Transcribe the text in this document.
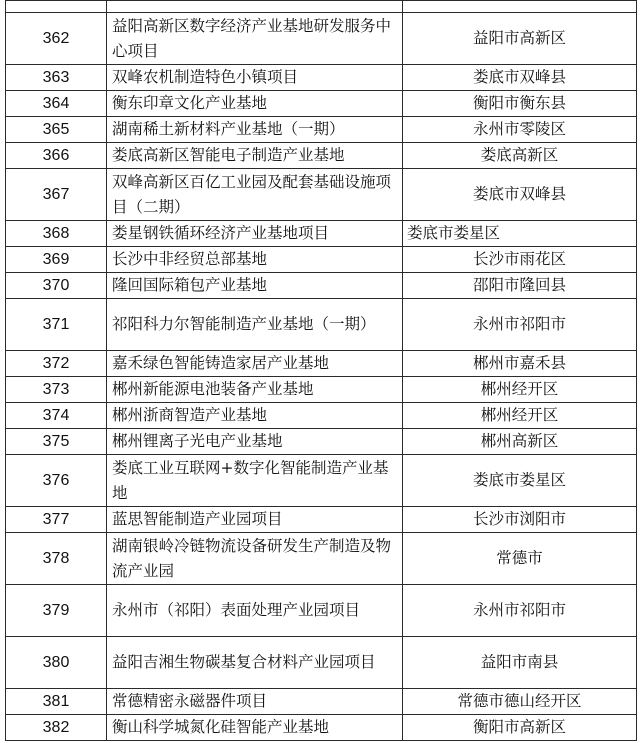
362	益阳高新区数字经济产业基地研发服务中心项目	益阳市高新区
363	双峰农机制造特色小镇项目	娄底市双峰县
364	衡东印章文化产业基地	衡阳市衡东县
365	湖南稀土新材料产业基地（一期）	永州市零陵区
366	娄底高新区智能电子制造产业基地	娄底高新区
367	双峰高新区百亿工业园及配套基础设施项目（二期）	娄底市双峰县
368	娄星钢铁循环经济产业基地项目	娄底市娄星区
369	长沙中非经贸总部基地	长沙市雨花区
370	隆回国际箱包产业基地	邵阳市隆回县
371	祁阳科力尔智能制造产业基地（一期）	永州市祁阳市
372	嘉禾绿色智能铸造家居产业基地	郴州市嘉禾县
373	郴州新能源电池装备产业基地	郴州经开区
374	郴州浙商智造产业基地	郴州经开区
375	郴州锂离子光电产业基地	郴州高新区
376	娄底工业互联网+数字化智能制造产业基地	娄底市娄星区
377	蓝思智能制造产业园项目	长沙市浏阳市
378	湖南银岭冷链物流设备研发生产制造及物流产业园	常德市
379	永州市（祁阳）表面处理产业园项目	永州市祁阳市
380	益阳吉湘生物碳基复合材料产业园项目	益阳市南县
381	常德精密永磁器件项目	常德市德山经开区
382	衡山科学城氮化硅智能产业基地	衡阳市高新区
